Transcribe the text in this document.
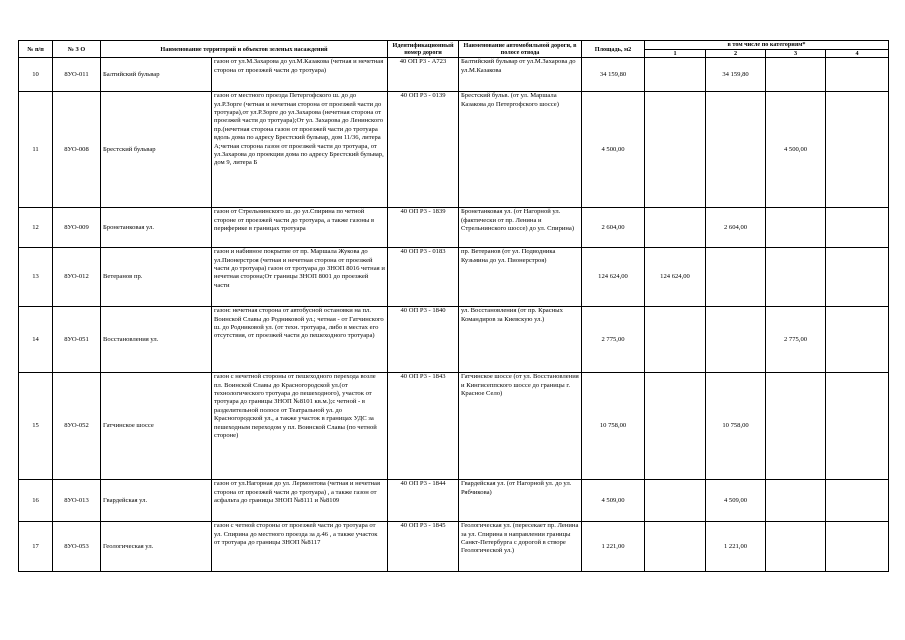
№ п/п	№ З О	Наименование территорий и объектов зеленых насаждений		Идентификационный номер дороги	Наименование автомобильной дороги, в полосе отвода	Площадь, м2	в том числе по категориям*			
							1	2	3	4
10	8УО-011	Балтийский бульвар	газон от ул.М.Захарова до ул.М.Казакова (четная и нечетная сторона от проезжей части до тротуара)	40 ОП Р3 - А723	Балтийский бульвар от ул.М.Захарова до ул.М.Казакова	34 159,80		34 159,80		
11	8УО-008	Брестский бульвар	газон от местного проезда Петергофского ш. до до ул.Р.Зорге (четная и нечетная сторона от проезжей части до тротуара),от ул.Р.Зорге до ул.Захарова (нечетная сторона от проезжей части до тротуара);От ул. Захарова до Ленинского пр.(нечетная сторона газон от проезжей части до тротуара вдоль дома по адресу Брестский бульвар, дом 11/36, литера А;четная сторона газон от проезжей части до тротуара, от ул.Захарова до проекции дома по адресу Брестский бульвар, дом 9, литера Б	40 ОП Р3 - 0139	Брестский бульв. (от ул. Маршала Казакова до Петергофского шоссе)	4 500,00			4 500,00	
12	8УО-009	Бронетанковая ул.	газон от Стрельнинского ш. до ул.Спирина по четной стороне от проезжей части до тротуара, а также газоны в периферике в границах тротуара	40 ОП Р3 - 1839	Бронетанковая ул. (от Нагорной ул. (фактически от пр. Ленина и Стрельнинского шоссе) до ул. Спирина)	2 604,00		2 604,00		
13	8УО-012	Ветеранов пр.	газон и набивное покрытие от пр. Маршала Жукова до ул.Пионерстроя (четная и нечетная сторона от проезжей части до тротуара) газон от тротуара до ЗНОП 8016 четная и нечетная сторона;От границы ЗНОП 8001 до проезжей части	40 ОП Р3 - 0183	пр. Ветеранов (от ул. Подводника Кузьмина до ул. Пионерстроя)	124 624,00	124 624,00			
14	8УО-051	Восстановления ул.	газон: нечетная сторона от автобусной остановки на пл. Воинской Славы до Родниковой ул.; четная - от Гатчинского ш. до Родниковой ул. (от техн. тротуара, либо в местах его отсутствия, от проезжей части до пешеходного тротуара)	40 ОП Р3 - 1840	ул. Восстановления (от пр. Красных Командиров за Киевскую ул.)	2 775,00			2 775,00	
15	8УО-052	Гатчинское шоссе	газон с нечетной стороны от пешеходного перехода возле пл. Воинской Славы до Красногородской ул.(от технологического тротуара до пешеходного), участок от тротуара до границы ЗНОП №8101 кв.м.);с четной - в разделительной полосе от Театральной ул. до Красногородской ул., а также участок в границах УДС за пешеходным переходом у пл. Воинской Славы (по четной стороне)	40 ОП Р3 - 1843	Гатчинское шоссе (от ул. Восстановления и Кингисеппского шоссе до границы г. Красное Село)	10 758,00		10 758,00		
16	8УО-013	Гвардейская ул.	газон от ул.Нагорная до ул. Лермонтова (четная и нечетная сторона от проезжей части до тротуара) , а также газон от асфальта до границы ЗНОП №8111 и №8109	40 ОП Р3 - 1844	Гвардейская ул. (от Нагорной ул. до ул. Рябчикова)	4 509,00		4 509,00		
17	8УО-053	Геологическая ул.	газон с четной стороны от проезжей части до тротуара от ул. Спирина до местного проезда за д.46 , а также участок от тротуара до границы ЗНОП №8117	40 ОП Р3 - 1845	Геологическая ул. (пересекает пр. Ленина за ул. Спирина в направлении границы Санкт-Петербурга с дорогой в створе Геологической ул.)	1 221,00		1 221,00		
